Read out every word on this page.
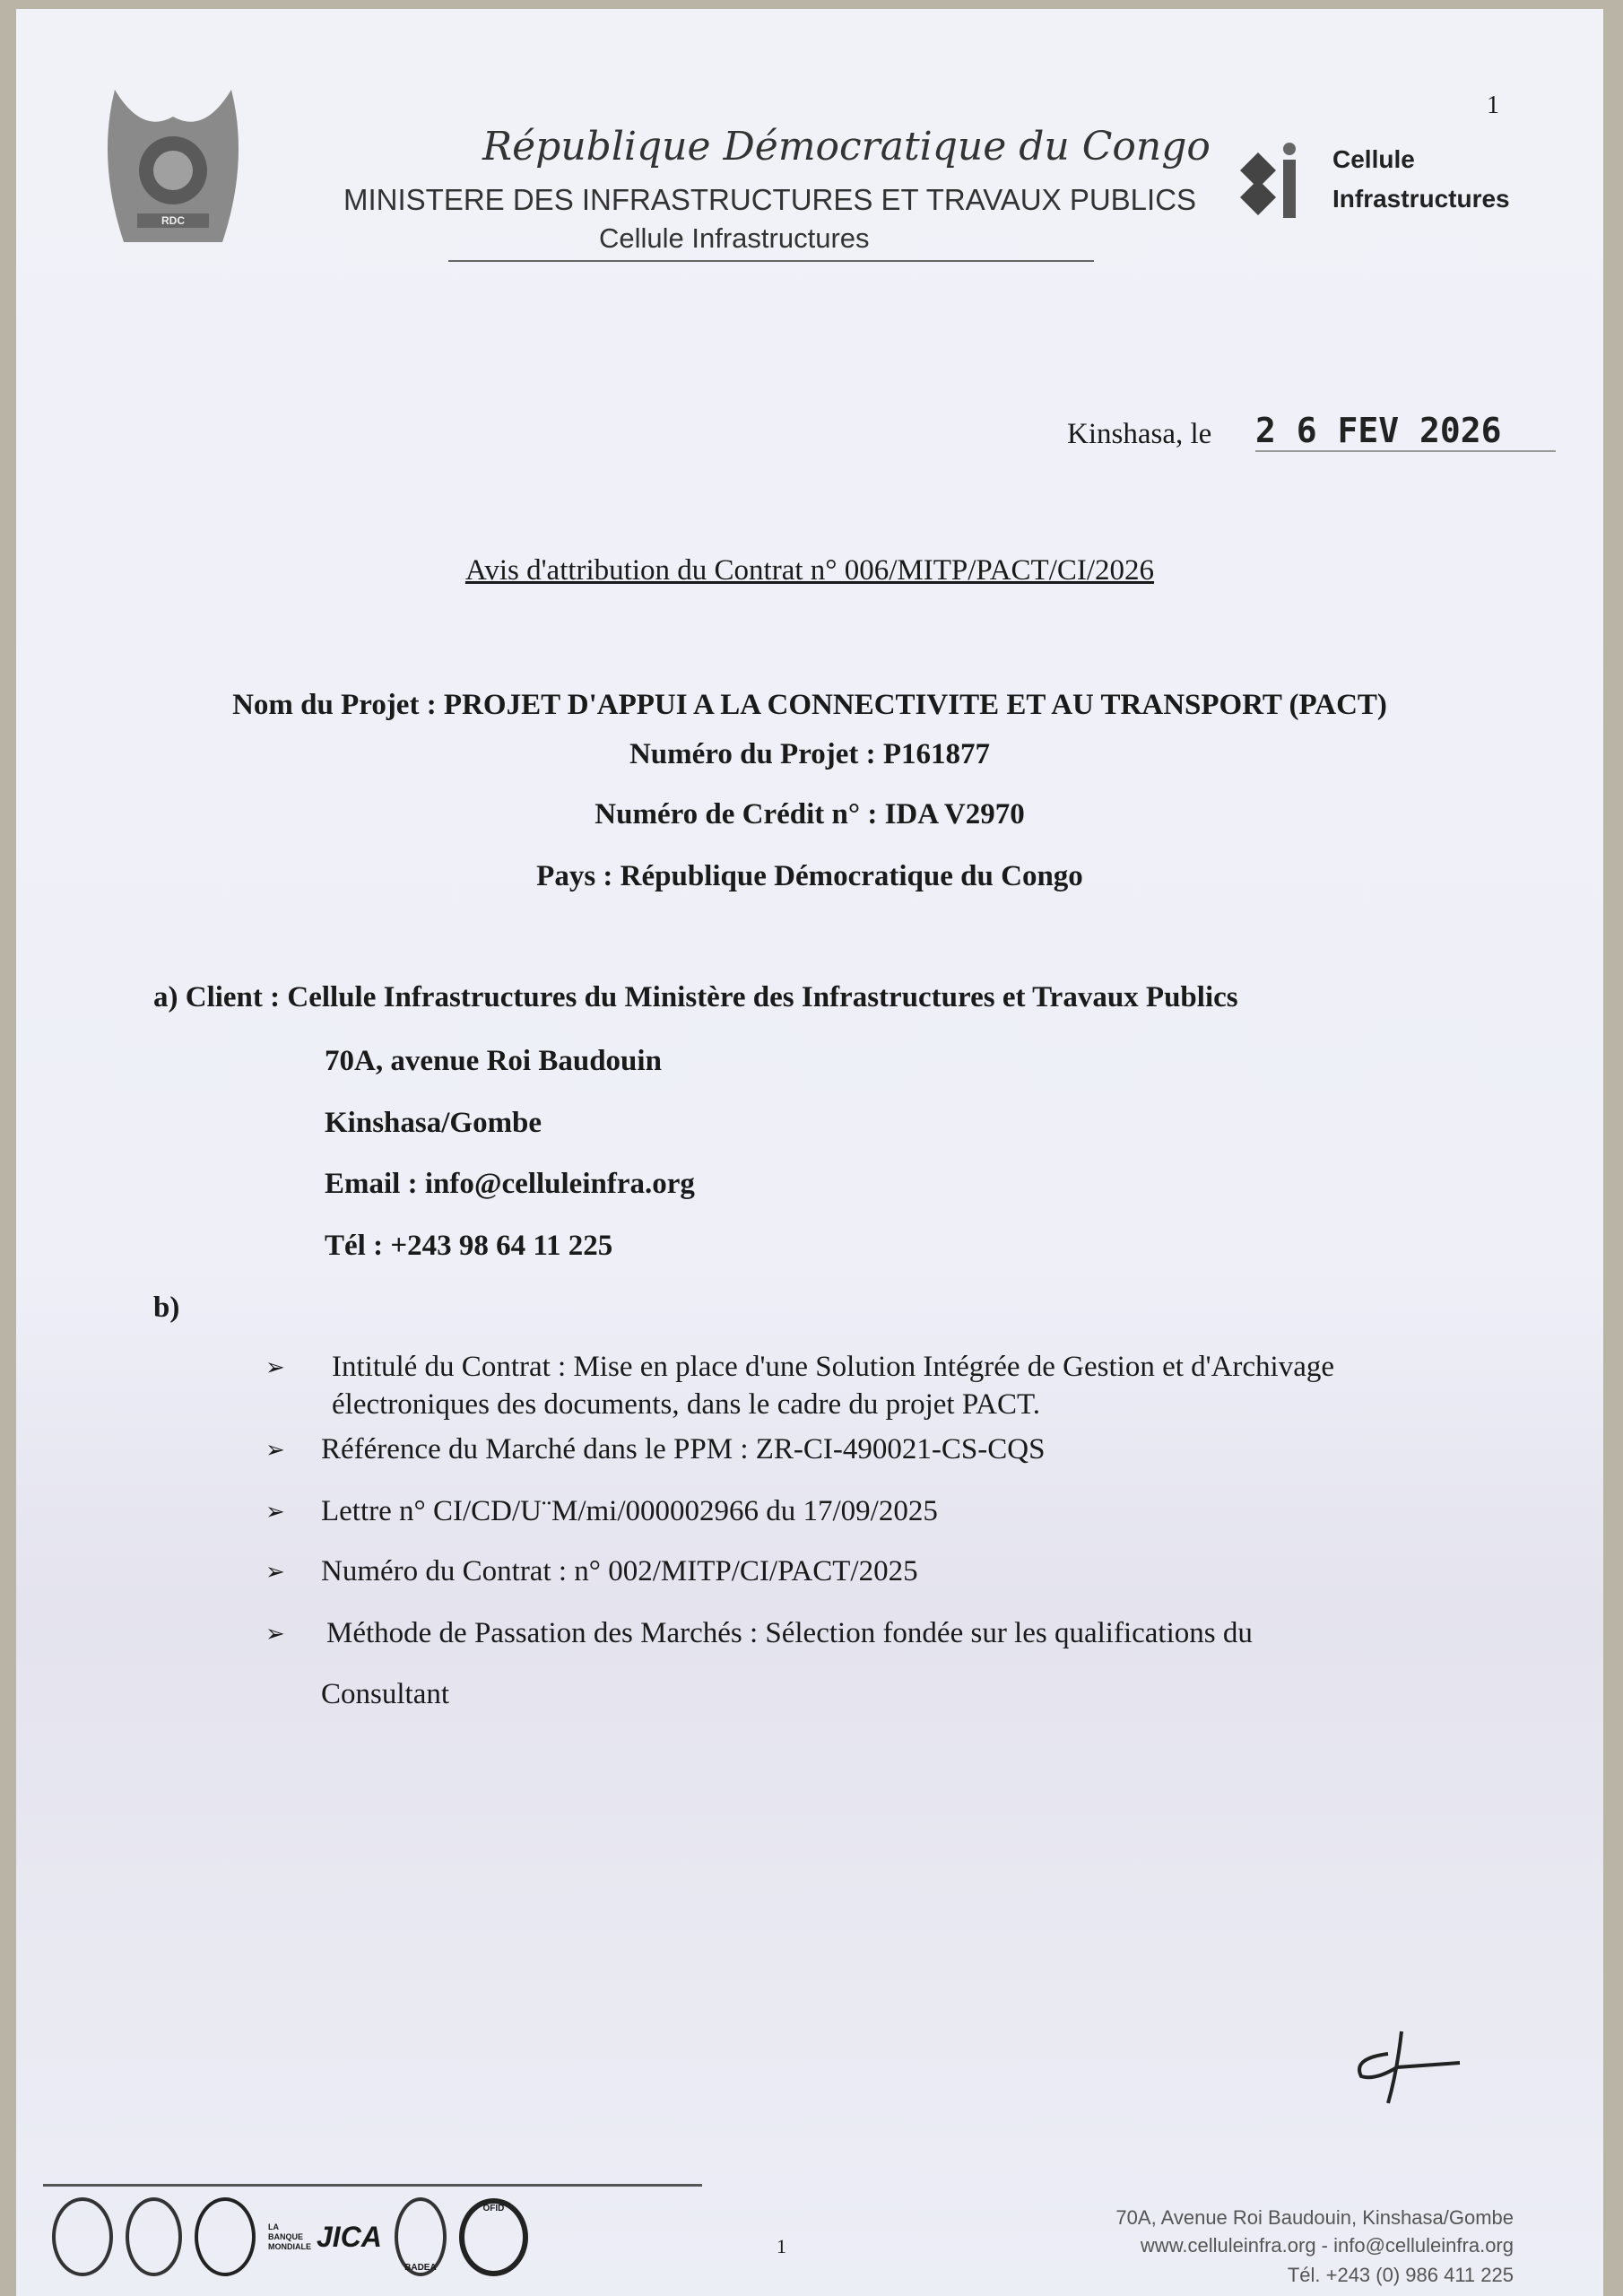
RDC
1
République Démocratique du Congo
MINISTERE DES INFRASTRUCTURES ET TRAVAUX PUBLICS
Cellule Infrastructures
Cellule
Infrastructures
Kinshasa, le 2 6 FEV 2026
Avis d'attribution du Contrat n° 006/MITP/PACT/CI/2026
Nom du Projet : PROJET D'APPUI A LA CONNECTIVITE ET AU TRANSPORT (PACT)
Numéro du Projet : P161877
Numéro de Crédit n° : IDA V2970
Pays : République Démocratique du Congo
a) Client : Cellule Infrastructures du Ministère des Infrastructures et Travaux Publics
70A, avenue Roi Baudouin
Kinshasa/Gombe
Email : info@celluleinfra.org
Tél : +243 98 64 11 225
b)
➢ Intitulé du Contrat : Mise en place d'une Solution Intégrée de Gestion et d'Archivage
électroniques des documents, dans le cadre du projet PACT.
➢ Référence du Marché dans le PPM : ZR-CI-490021-CS-CQS
➢ Lettre n° CI/CD/U¨M/mi/000002966 du 17/09/2025
➢ Numéro du Contrat : n° 002/MITP/CI/PACT/2025
➢ Méthode de Passation des Marchés : Sélection fondée sur les qualifications du
Consultant
LA BANQUE MONDIALE JICA
BADEA
OFID
1
70A, Avenue Roi Baudouin, Kinshasa/Gombe
www.celluleinfra.org - info@celluleinfra.org
Tél. +243 (0) 986 411 225
